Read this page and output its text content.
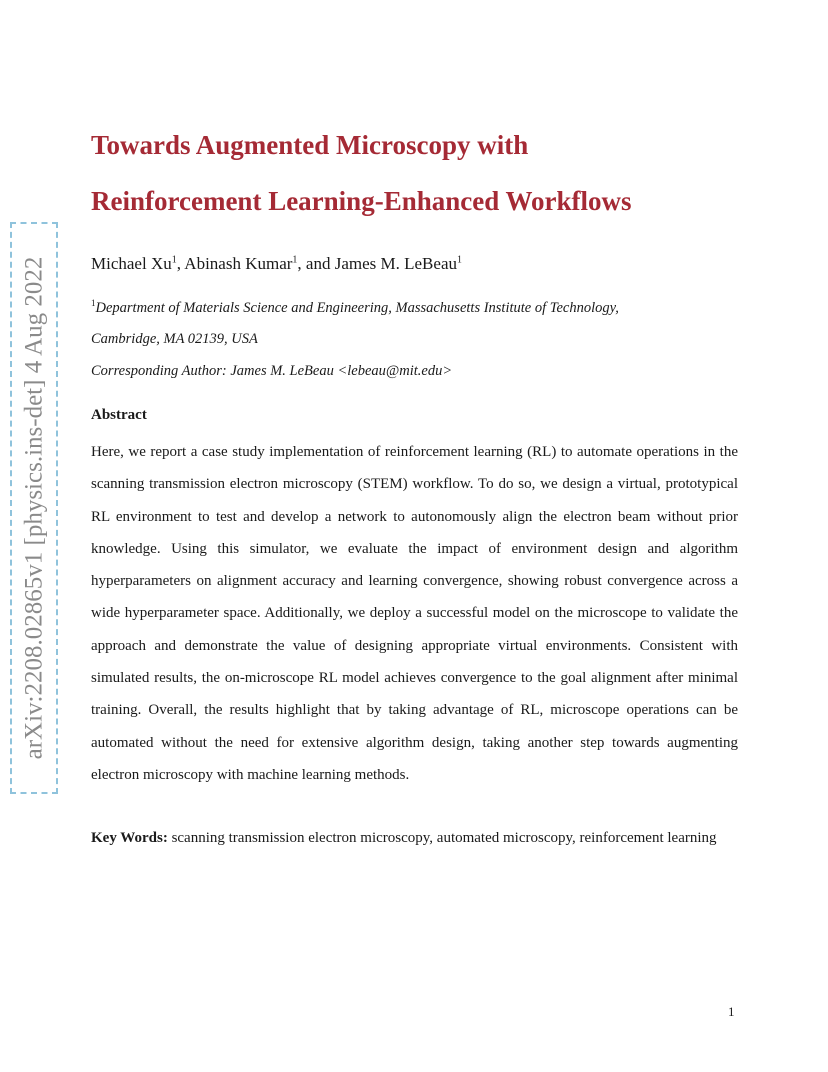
arXiv:2208.02865v1 [physics.ins-det] 4 Aug 2022
Towards Augmented Microscopy with
Reinforcement Learning-Enhanced Workflows
Michael Xu$^1$, Abinash Kumar$^1$, and James M. LeBeau$^1$
$^1$Department of Materials Science and Engineering, Massachusetts Institute of Technology,
Cambridge, MA 02139, USA
Corresponding Author: James M. LeBeau <lebeau@mit.edu>
Abstract
Here, we report a case study implementation of reinforcement learning (RL) to automate operations in the scanning transmission electron microscopy (STEM) workflow. To do so, we design a virtual, prototypical RL environment to test and develop a network to autonomously align the electron beam without prior knowledge. Using this simulator, we evaluate the impact of environment design and algorithm hyperparameters on alignment accuracy and learning convergence, showing robust convergence across a wide hyperparameter space. Additionally, we deploy a successful model on the microscope to validate the approach and demonstrate the value of designing appropriate virtual environments. Consistent with simulated results, the on-microscope RL model achieves convergence to the goal alignment after minimal training. Overall, the results highlight that by taking advantage of RL, microscope operations can be automated without the need for extensive algorithm design, taking another step towards augmenting electron microscopy with machine learning methods.
Key Words: scanning transmission electron microscopy, automated microscopy, reinforcement learning
1
